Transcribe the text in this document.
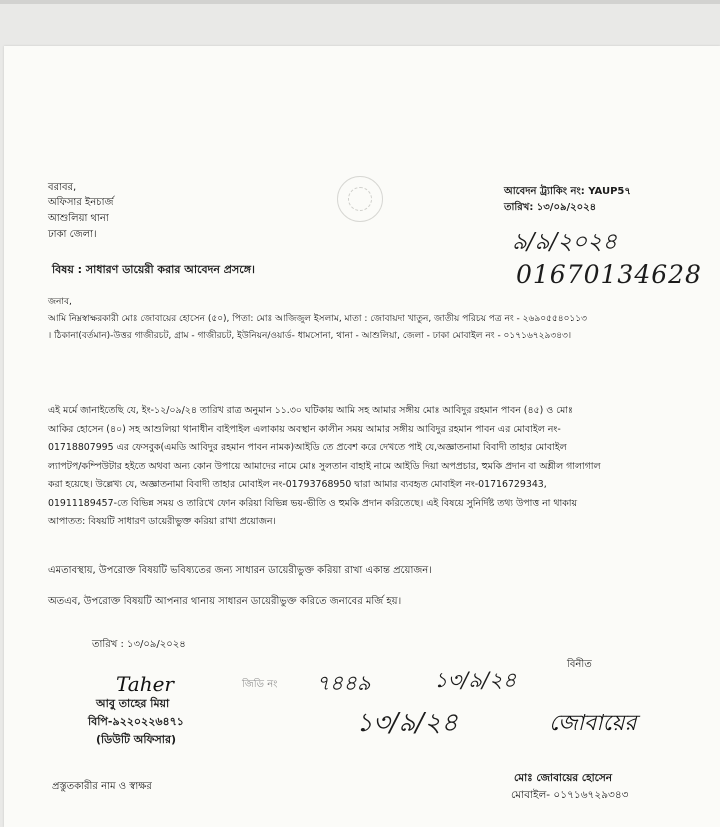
বরাবর,
অফিসার ইনচার্জ
আশুলিয়া থানা
ঢাকা জেলা।
আবেদন ট্র্যাকিং নং: YAUP5৭
তারিখ: ১৩/০৯/২০২৪
৯/৯/২০২৪
01670134628
বিষয় : সাধারণ ডায়েরী করার আবেদন প্রসঙ্গে।
জনাব,
আমি নিম্নস্বাক্ষরকারী মোঃ জোবায়ের হোসেন (৫০), পিতা: মোঃ আজিজুল ইসলাম, মাতা : জোবায়দা খাতুন, জাতীয় পরিচয় পত্র নং - ২৬৯০৫৫৪০১১৩
। ঠিকানা(বর্তমান)-উত্তর গাজীরচট, গ্রাম - গাজীরচট, ইউনিয়ন/ওয়ার্ড- ধামসোনা, থানা - আশুলিয়া, জেলা - ঢাকা মোবাইল নং - ০১৭১৬৭২৯৩৪৩।
এই মর্মে জানাইতেছি যে, ইং-১২/০৯/২৪ তারিখ রাত্র অনুমান ১১.৩০ ঘটিকায় আমি সহ আমার সঙ্গীয় মোঃ আবিদুর রহমান পাবন (৪৫) ও মোঃ
আকির হোসেন (৪০) সহ আশুলিয়া থানাধীন বাইপাইল এলাকায় অবস্থান কালীন সময় আমার সঙ্গীয় আবিদুর রহমান পাবন এর মোবাইল নং-
01718807995 এর ফেসবুক(এমডি আবিদুর রহমান পাবন নামক)আইডি তে প্রবেশ করে দেখতে পাই যে,অজ্ঞাতনামা বিবাদী তাহার মোবাইল
ল্যাপটপ/কম্পিউটার হইতে অথবা অন্য কোন উপায়ে আমাদের নামে মোঃ সুলতান বাহাই নামে আইডি দিয়া অপপ্রচার, হুমকি প্রদান বা অশ্লীল গালাগাল
করা হয়েছে। উল্লেখ্য যে, অজ্ঞাতনামা বিবাদী তাহার মোবাইল নং-01793768950 দ্বারা আমার ব্যবহৃত মোবাইল নং-01716729343,
01911189457-তে বিভিন্ন সময় ও তারিখে ফোন করিয়া বিভিন্ন ভয়-ভীতি ও হুমকি প্রদান করিতেছে। এই বিষয়ে সুনির্দিষ্ট তথ্য উপাত্ত না থাকায়
আপাতত: বিষয়টি সাধারণ ডায়েরীভুক্ত করিয়া রাখা প্রয়োজন।
এমতাবস্থায়, উপরোক্ত বিষয়টি ভবিষ্যতের জন্য সাধারন ডায়েরীভুক্ত করিয়া রাখা একান্ত প্রয়োজন।
অতএব, উপরোক্ত বিষয়টি আপনার থানায় সাধারন ডায়েরীভুক্ত করিতে জনাবের মর্জি হয়।
তারিখ : ১৩/০৯/২০২৪
Taher
আবু তাহের মিয়া
বিপি-৯২২০২২৬৪৭১
(ডিউটি অফিসার)
জিডি নং ৭৪৪৯	১৩/৯/২৪
১৩/৯/২৪
বিনীত
জোবায়ের
প্রস্তুতকারীর নাম ও স্বাক্ষর
মোঃ জোবায়ের হোসেন
মোবাইল- ০১৭১৬৭২৯৩৪৩
